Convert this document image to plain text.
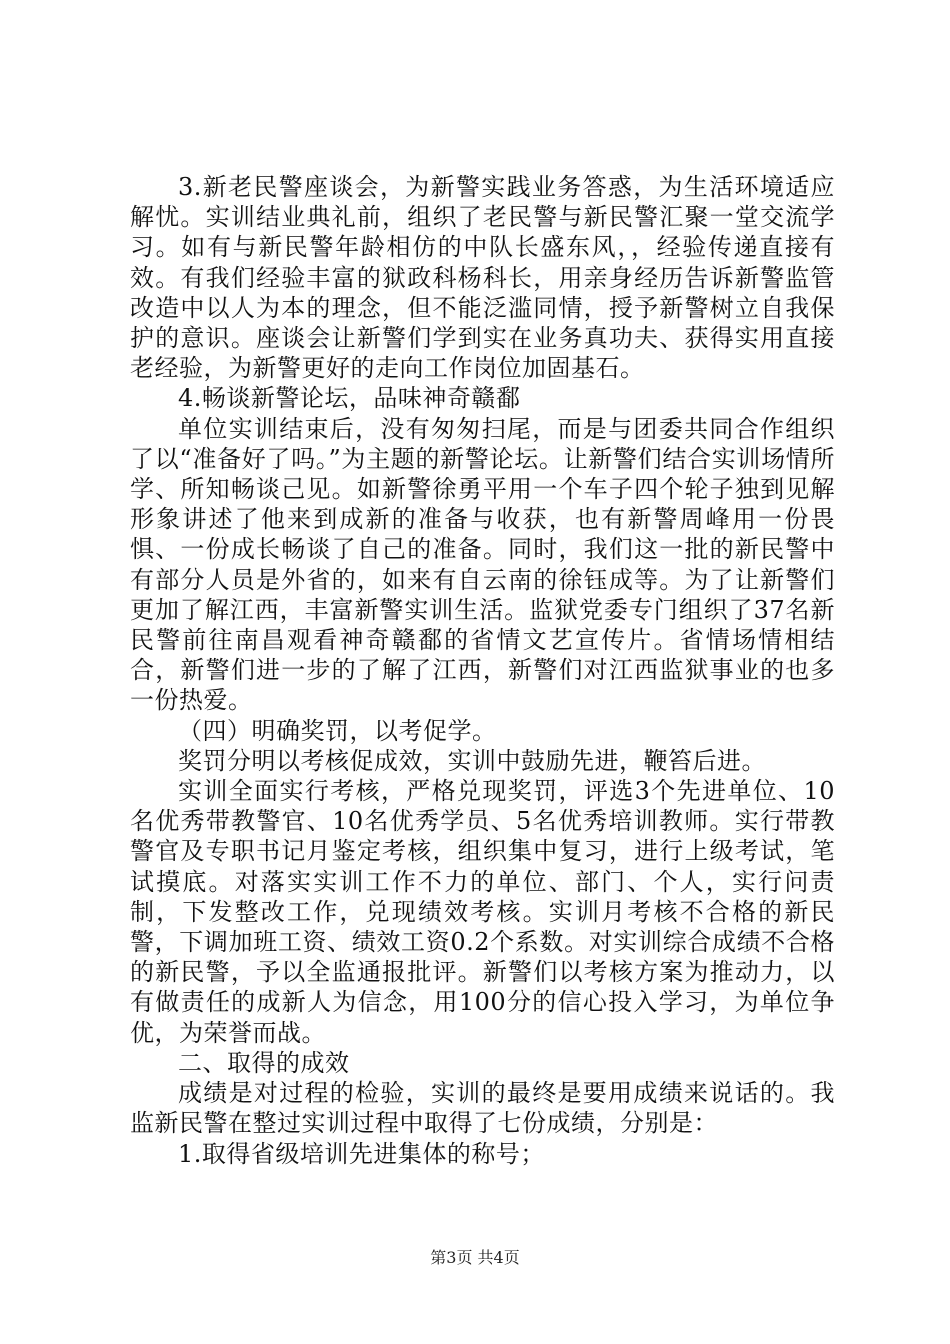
3.新老民警座谈会，为新警实践业务答惑，为生活环境适应解忧。实训结业典礼前，组织了老民警与新民警汇聚一堂交流学习。如有与新民警年龄相仿的中队长盛东风，，经验传递直接有效。有我们经验丰富的狱政科杨科长，用亲身经历告诉新警监管改造中以人为本的理念，但不能泛滥同情，授予新警树立自我保护的意识。座谈会让新警们学到实在业务真功夫、获得实用直接老经验，为新警更好的走向工作岗位加固基石。

4.畅谈新警论坛，品味神奇赣鄱

单位实训结束后，没有匆匆扫尾，而是与团委共同合作组织了以“准备好了吗。”为主题的新警论坛。让新警们结合实训场情所学、所知畅谈己见。如新警徐勇平用一个车子四个轮子独到见解形象讲述了他来到成新的准备与收获，也有新警周峰用一份畏惧、一份成长畅谈了自己的准备。同时，我们这一批的新民警中有部分人员是外省的，如来有自云南的徐钰成等。为了让新警们更加了解江西，丰富新警实训生活。监狱党委专门组织了37名新民警前往南昌观看神奇赣鄱的省情文艺宣传片。省情场情相结合，新警们进一步的了解了江西，新警们对江西监狱事业的也多一份热爱。

（四）明确奖罚，以考促学。

奖罚分明以考核促成效，实训中鼓励先进，鞭笞后进。

实训全面实行考核，严格兑现奖罚，评选3个先进单位、10名优秀带教警官、10名优秀学员、5名优秀培训教师。实行带教警官及专职书记月鉴定考核，组织集中复习，进行上级考试，笔试摸底。对落实实训工作不力的单位、部门、个人，实行问责制，下发整改工作，兑现绩效考核。实训月考核不合格的新民警，下调加班工资、绩效工资0.2个系数。对实训综合成绩不合格的新民警，予以全监通报批评。新警们以考核方案为推动力，以有做责任的成新人为信念，用100分的信心投入学习，为单位争优，为荣誉而战。

二、取得的成效

成绩是对过程的检验，实训的最终是要用成绩来说话的。我监新民警在整过实训过程中取得了七份成绩，分别是：

1.取得省级培训先进集体的称号；

第3页 共4页
